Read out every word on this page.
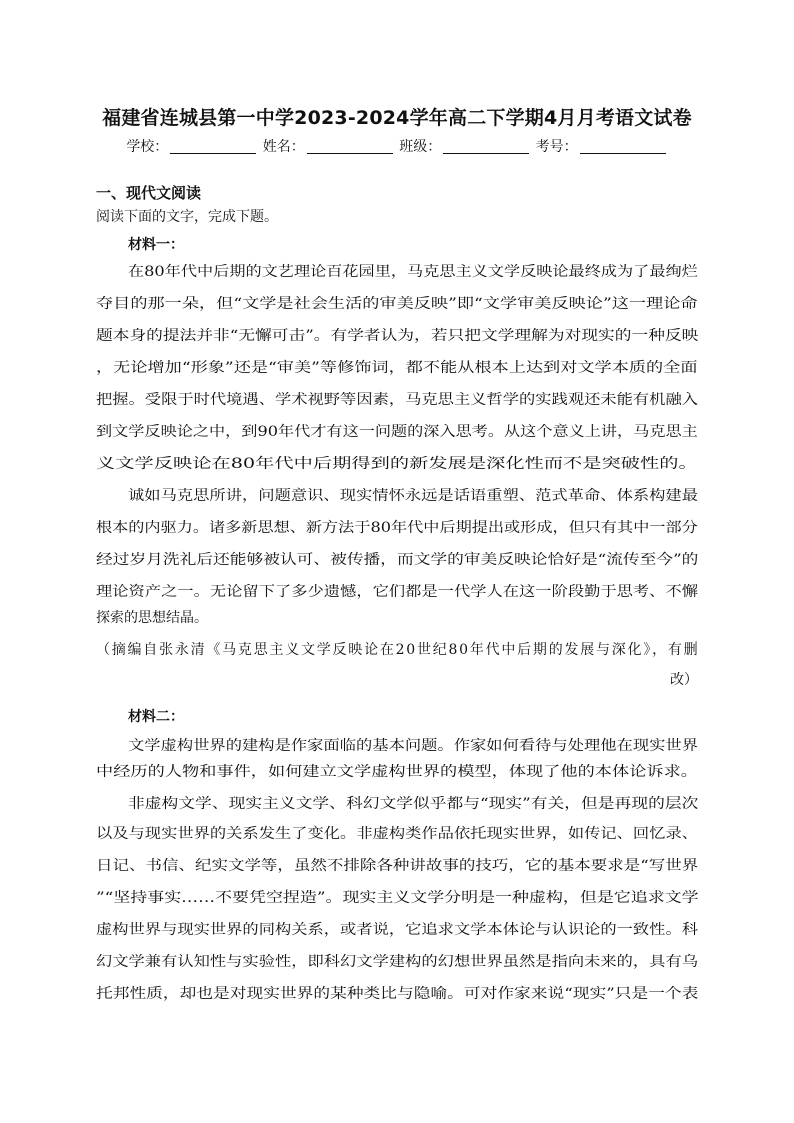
福建省连城县第一中学2023-2024学年高二下学期4月月考语文试卷
学校：	姓名：	班级：	考号：
一、现代文阅读
阅读下面的文字，完成下题。
材料一：
在80年代中后期的文艺理论百花园里，马克思主义文学反映论最终成为了最绚烂
夺目的那一朵，但“文学是社会生活的审美反映”即“文学审美反映论”这一理论命
题本身的提法并非“无懈可击”。有学者认为，若只把文学理解为对现实的一种反映
，无论增加“形象”还是“审美”等修饰词，都不能从根本上达到对文学本质的全面
把握。受限于时代境遇、学术视野等因素，马克思主义哲学的实践观还未能有机融入
到文学反映论之中，到90年代才有这一问题的深入思考。从这个意义上讲，马克思主
义文学反映论在80年代中后期得到的新发展是深化性而不是突破性的。
诚如马克思所讲，问题意识、现实情怀永远是话语重塑、范式革命、体系构建最
根本的内驱力。诸多新思想、新方法于80年代中后期提出或形成，但只有其中一部分
经过岁月洗礼后还能够被认可、被传播，而文学的审美反映论恰好是“流传至今”的
理论资产之一。无论留下了多少遗憾，它们都是一代学人在这一阶段勤于思考、不懈
探索的思想结晶。
（摘编自张永清《马克思主义文学反映论在20世纪80年代中后期的发展与深化》，有删
改）
材料二：
文学虚构世界的建构是作家面临的基本问题。作家如何看待与处理他在现实世界
中经历的人物和事件，如何建立文学虚构世界的模型，体现了他的本体论诉求。
非虚构文学、现实主义文学、科幻文学似乎都与“现实”有关，但是再现的层次
以及与现实世界的关系发生了变化。非虚构类作品依托现实世界，如传记、回忆录、
日记、书信、纪实文学等，虽然不排除各种讲故事的技巧，它的基本要求是“写世界
”“坚持事实……不要凭空捏造”。现实主义文学分明是一种虚构，但是它追求文学
虚构世界与现实世界的同构关系，或者说，它追求文学本体论与认识论的一致性。科
幻文学兼有认知性与实验性，即科幻文学建构的幻想世界虽然是指向未来的，具有乌
托邦性质，却也是对现实世界的某种类比与隐喻。可对作家来说“现实”只是一个表
